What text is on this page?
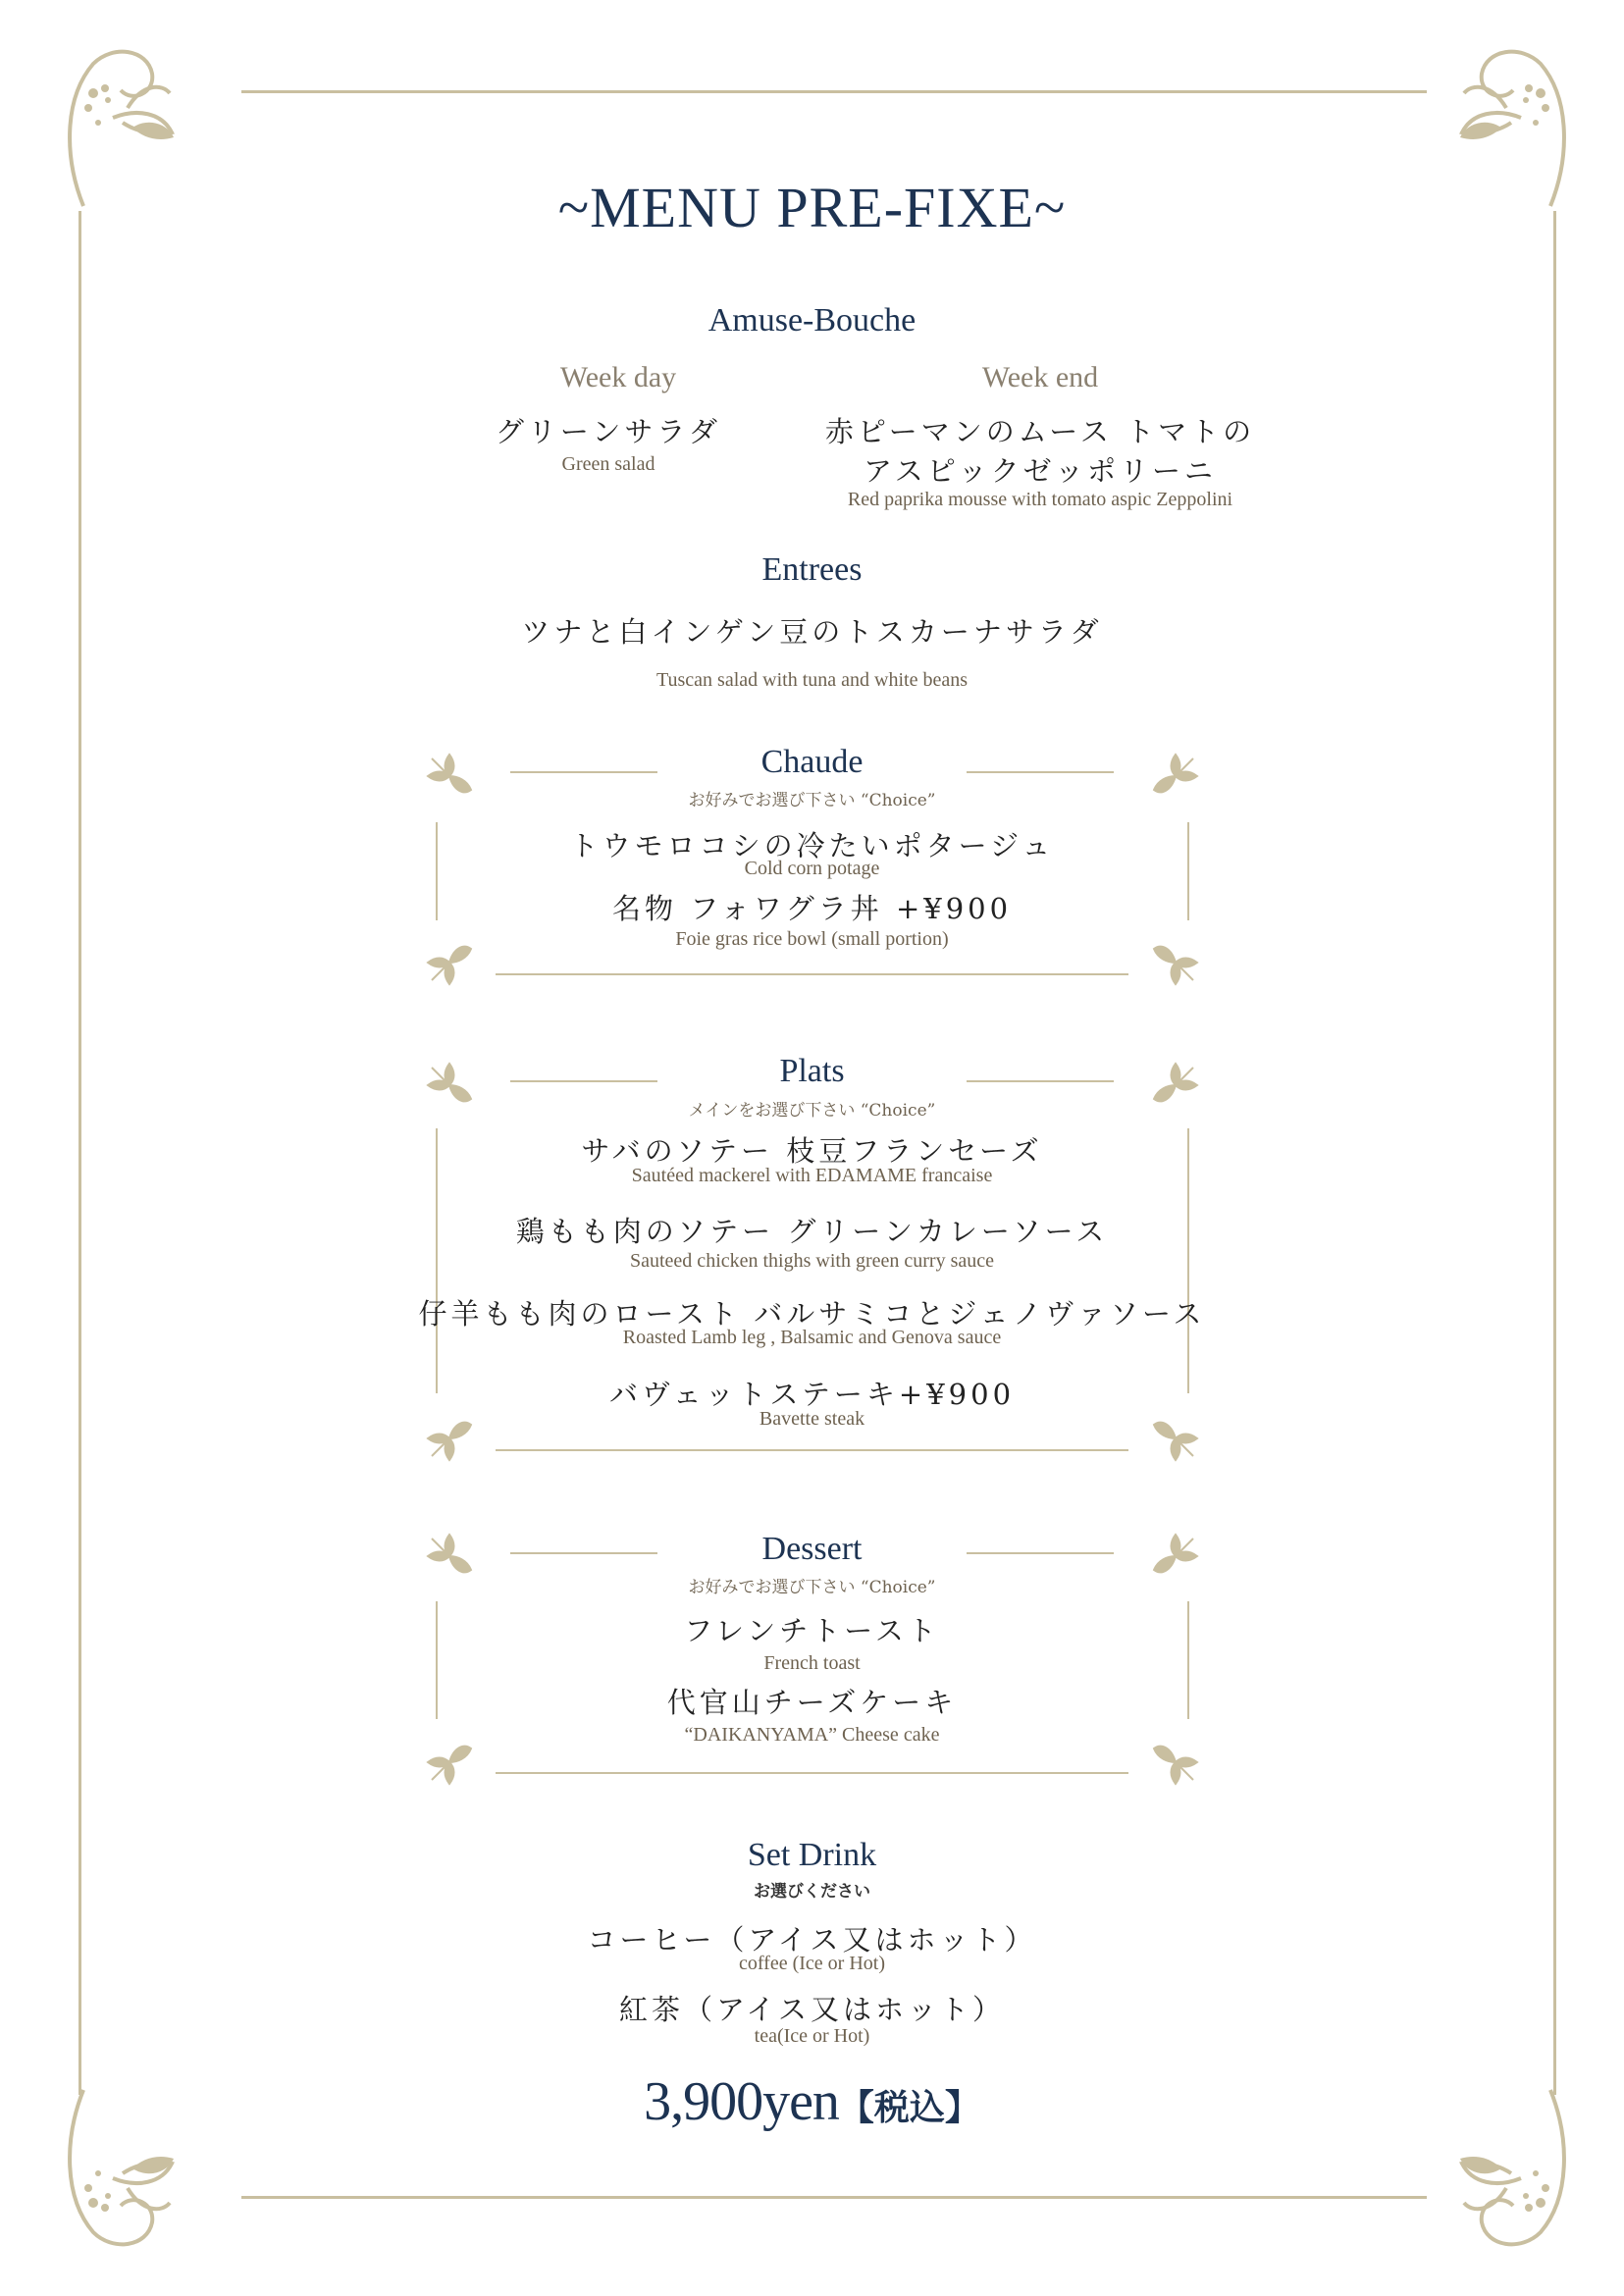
~MENU PRE-FIXE~
Amuse-Bouche
Week day	Week end
グリーンサラダ
Green salad
赤ピーマンのムース トマトの
アスピックゼッポリーニ
Red paprika mousse with tomato aspic Zeppolini
Entrees
ツナと白インゲン豆のトスカーナサラダ
Tuscan salad with tuna and white beans
Chaude
お好みでお選び下さい “Choice”
トウモロコシの冷たいポタージュ
Cold corn potage
名物 フォワグラ丼 +¥900
Foie gras rice bowl (small portion)
Plats
メインをお選び下さい “Choice”
サバのソテー 枝豆フランセーズ
Sautéed mackerel with EDAMAME francaise
鶏もも肉のソテー グリーンカレーソース
Sauteed chicken thighs with green curry sauce
仔羊もも肉のロースト バルサミコとジェノヴァソース
Roasted Lamb leg , Balsamic and Genova sauce
バヴェットステーキ+¥900
Bavette steak
Dessert
お好みでお選び下さい “Choice”
フレンチトースト
French toast
代官山チーズケーキ
“DAIKANYAMA” Cheese cake
Set Drink
お選びください
コーヒー（アイス又はホット）
coffee (Ice or Hot)
紅茶（アイス又はホット）
tea(Ice or Hot)
3,900yen【税込】
